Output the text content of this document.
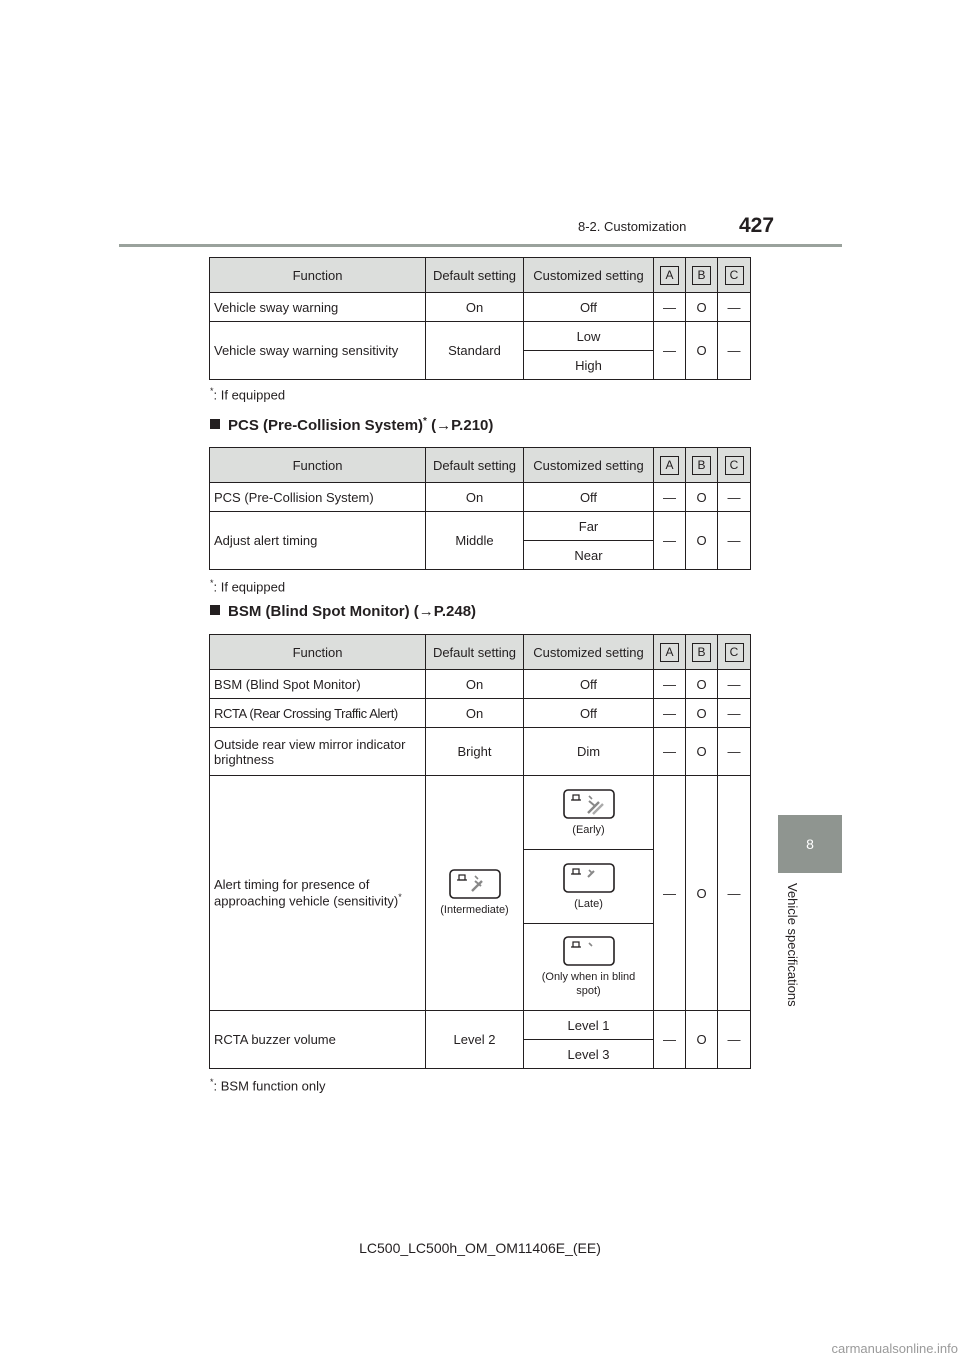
8-2. Customization	427
8
Vehicle specifications
Function	Default setting	Customized setting	A	B	C
Vehicle sway warning	On	Off	—	O	—
Vehicle sway warning sensitivity	Standard	Low	—	O	—
		High			
*: If equipped
PCS (Pre-Collision System)* (→P.210)
Function	Default setting	Customized setting	A	B	C
PCS (Pre-Collision System)	On	Off	—	O	—
Adjust alert timing	Middle	Far	—	O	—
		Near			
*: If equipped
BSM (Blind Spot Monitor) (→P.248)
Function	Default setting	Customized setting	A	B	C
BSM (Blind Spot Monitor)	On	Off	—	O	—
RCTA (Rear Crossing Traffic Alert)	On	Off	—	O	—
Outside rear view mirror indicator brightness	Bright	Dim	—	O	—
Alert timing for presence of approaching vehicle (sensitivity)*	(Intermediate)	(Early)	—	O	—

		(Late)			

		(Only when in blind spot)			

RCTA buzzer volume	Level 2	Level 1	—	O	—
		Level 3			
*: BSM function only
LC500_LC500h_OM_OM11406E_(EE)
carmanualsonline.info
